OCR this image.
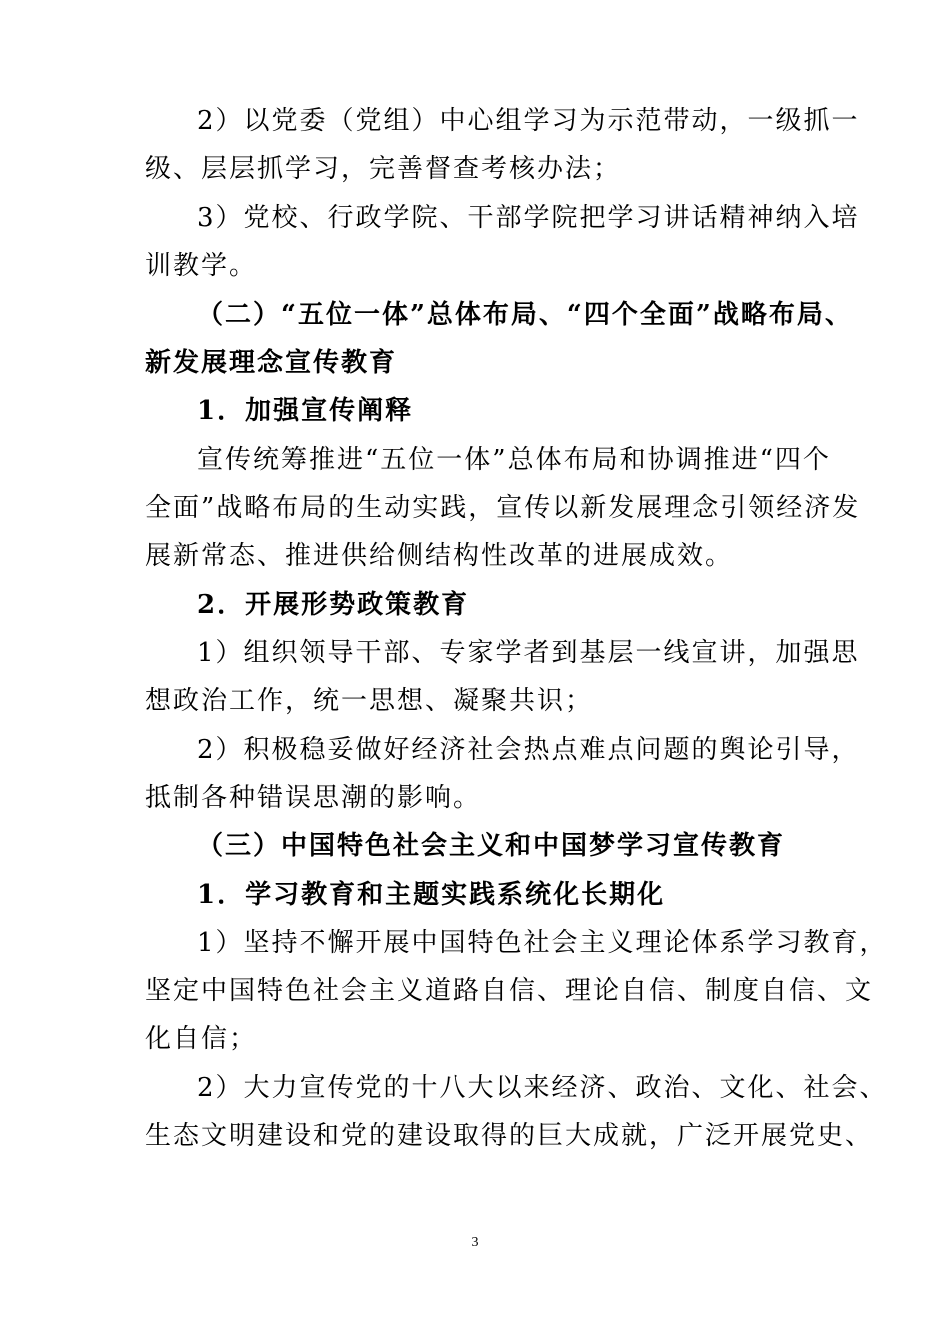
2）以党委（党组）中心组学习为示范带动，一级抓一
级、层层抓学习，完善督查考核办法；
3）党校、行政学院、干部学院把学习讲话精神纳入培
训教学。
（二）“五位一体”总体布局、“四个全面”战略布局、
新发展理念宣传教育
1．加强宣传阐释
宣传统筹推进“五位一体”总体布局和协调推进“四个
全面”战略布局的生动实践，宣传以新发展理念引领经济发
展新常态、推进供给侧结构性改革的进展成效。
2．开展形势政策教育
1）组织领导干部、专家学者到基层一线宣讲，加强思
想政治工作，统一思想、凝聚共识；
2）积极稳妥做好经济社会热点难点问题的舆论引导，
抵制各种错误思潮的影响。
（三）中国特色社会主义和中国梦学习宣传教育
1．学习教育和主题实践系统化长期化
1）坚持不懈开展中国特色社会主义理论体系学习教育，
坚定中国特色社会主义道路自信、理论自信、制度自信、文
化自信；
2）大力宣传党的十八大以来经济、政治、文化、社会、
生态文明建设和党的建设取得的巨大成就，广泛开展党史、
3
